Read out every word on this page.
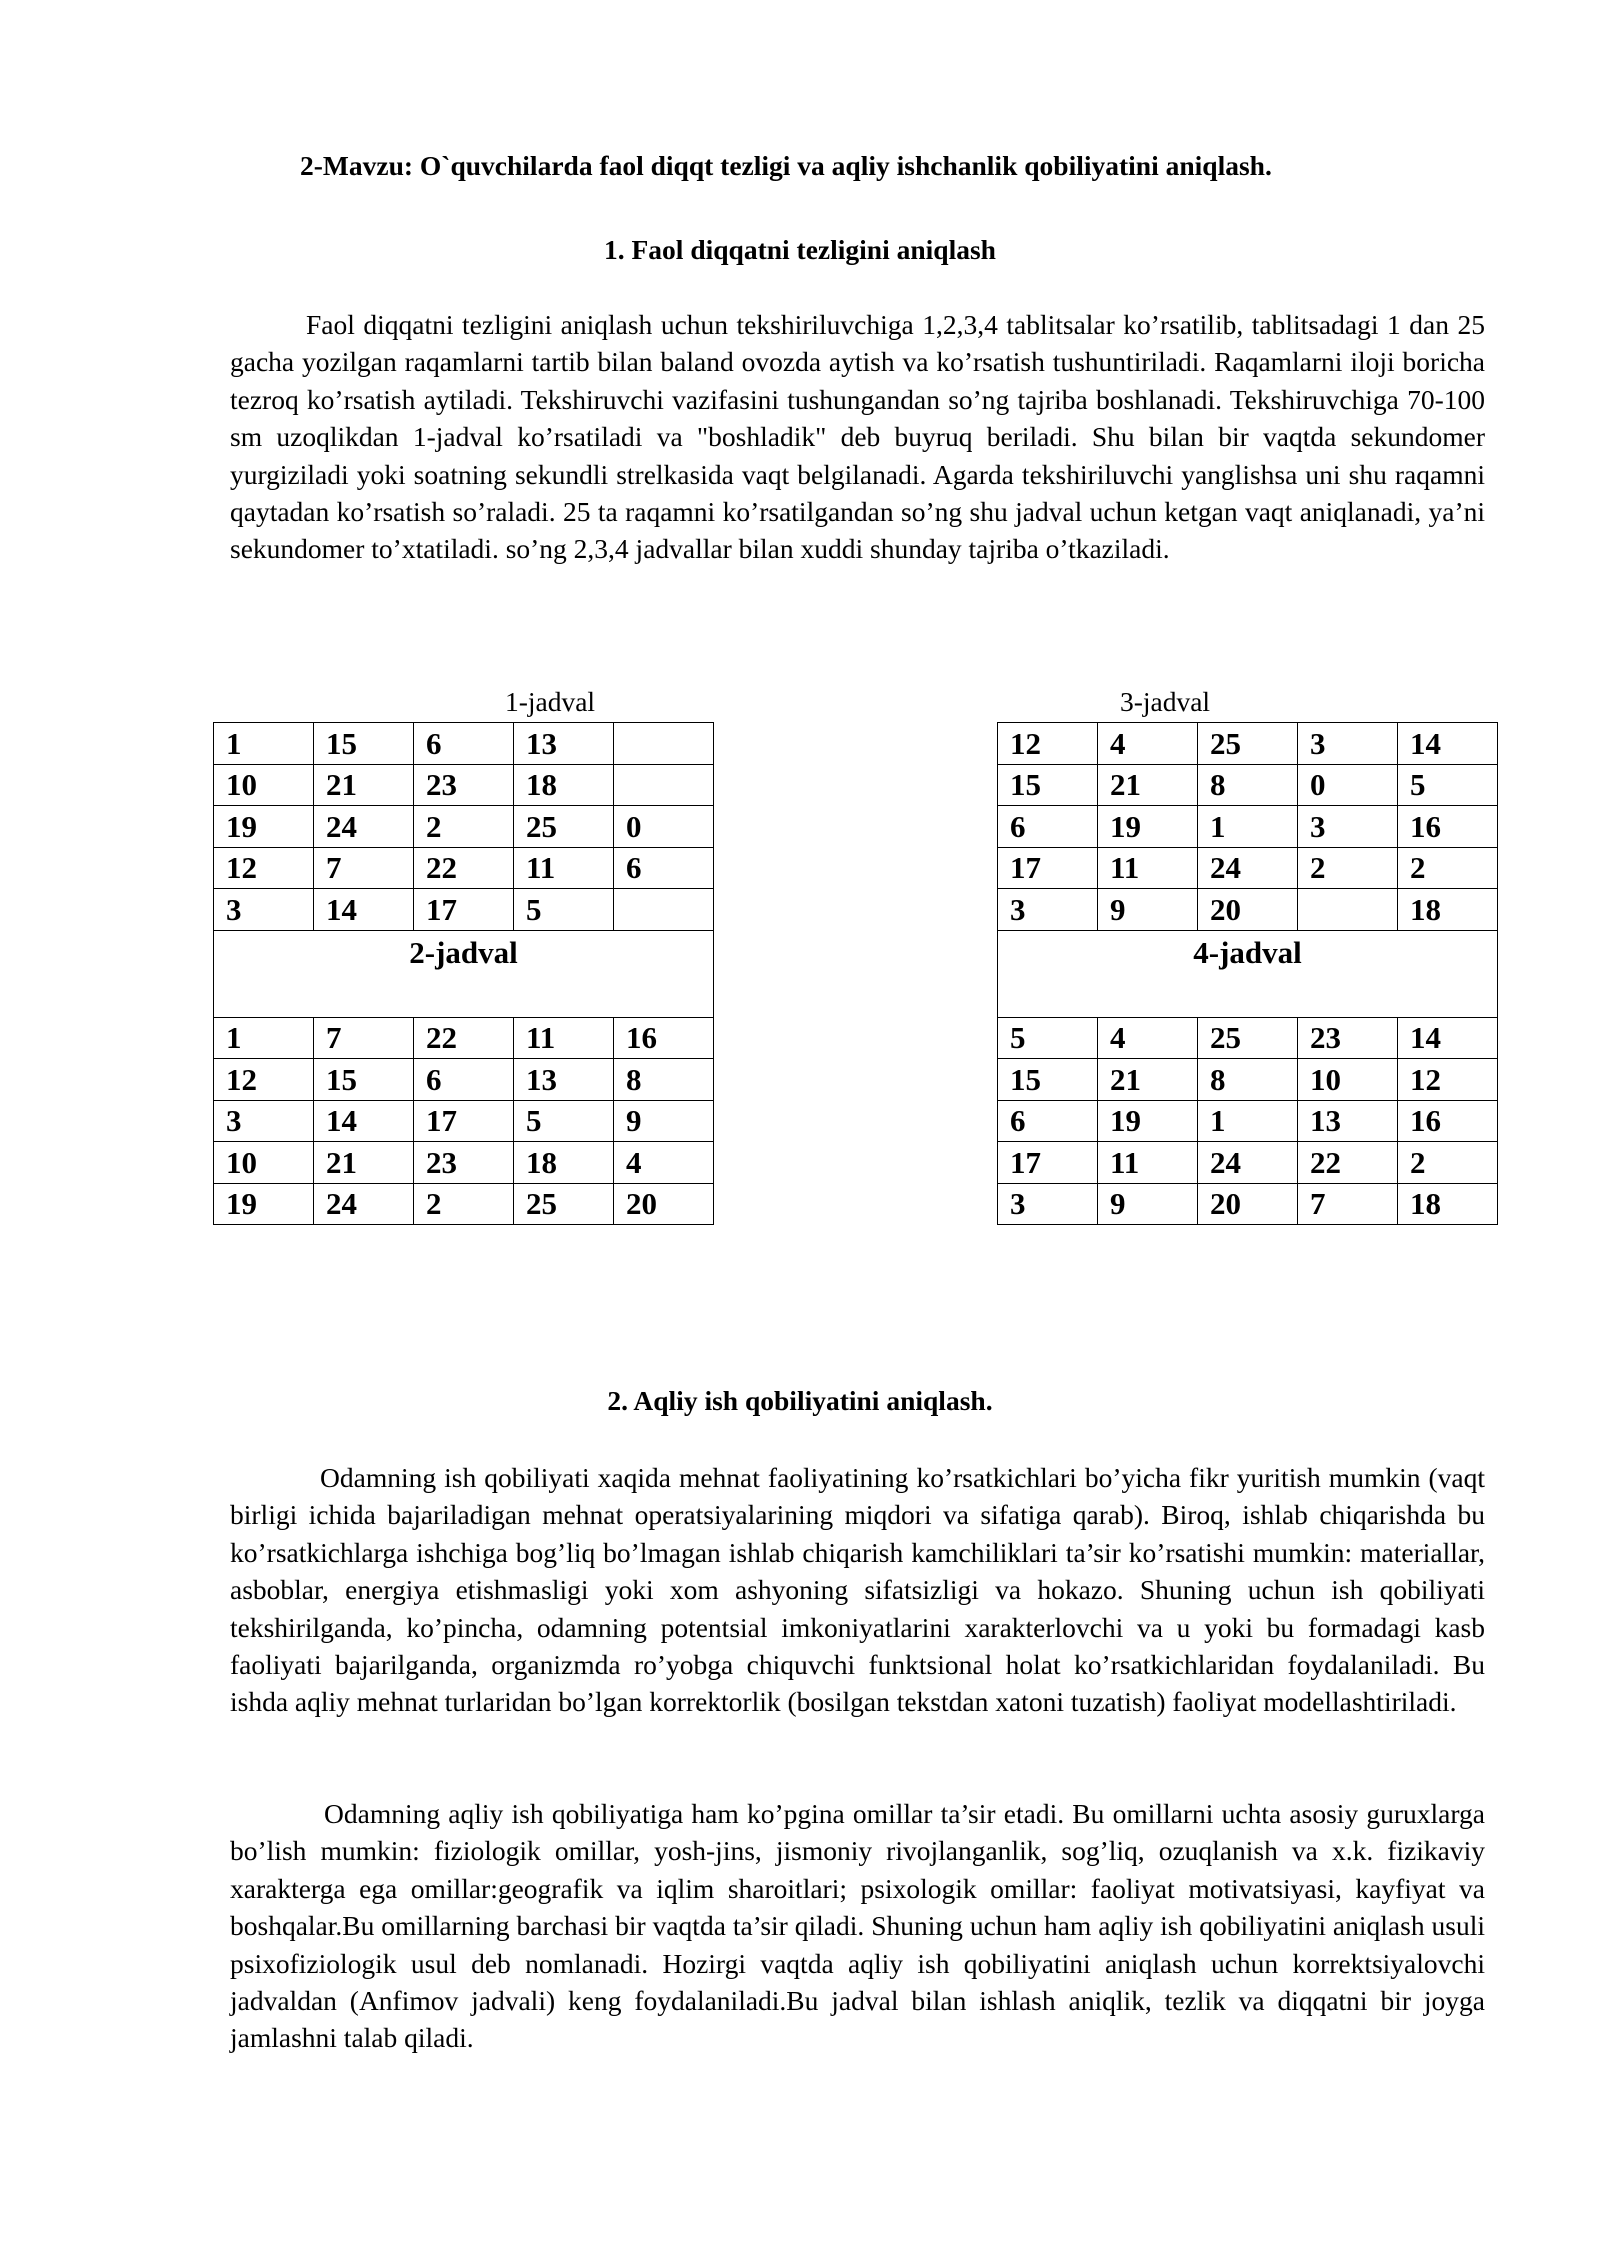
2-Mavzu: O`quvchilarda faol diqqt tezligi va aqliy ishchanlik qobiliyatini aniqlash.
1. Faol diqqatni tezligini aniqlash

Faol diqqatni tezligini aniqlash uchun tekshiriluvchiga 1,2,3,4 tablitsalar ko’rsatilib, tablitsadagi 1 dan 25 gacha yozilgan raqamlarni tartib bilan baland ovozda aytish va ko’rsatish tushuntiriladi. Raqamlarni iloji boricha tezroq ko’rsatish aytiladi. Tekshiruvchi vazifasini tushungandan so’ng tajriba boshlanadi. Tekshiruvchiga 70-100 sm uzoqlikdan 1-jadval ko’rsatiladi va "boshladik" deb buyruq beriladi. Shu bilan bir vaqtda sekundomer yurgiziladi yoki soatning sekundli strelkasida vaqt belgilanadi. Agarda tekshiriluvchi yanglishsa uni shu raqamni qaytadan ko’rsatish so’raladi. 25 ta raqamni ko’rsatilgandan so’ng shu jadval uchun ketgan vaqt aniqlanadi, ya’ni sekundomer to’xtatiladi. so’ng 2,3,4 jadvallar bilan xuddi shunday tajriba o’tkaziladi.

1-jadval
1	15	6	13	
10	21	23	18	
19	24	2	25	0
12	7	22	11	6
3	14	17	5	
2-jadval				
1	7	22	11	16
12	15	6	13	8
3	14	17	5	9
10	21	23	18	4
19	24	2	25	20
3-jadval
12	4	25	3	14
15	21	8	0	5
6	19	1	3	16
17	11	24	2	2
3	9	20		18
4-jadval				
5	4	25	23	14
15	21	8	10	12
6	19	1	13	16
17	11	24	22	2
3	9	20	7	18
2. Aqliy ish qobiliyatini aniqlash.

Odamning ish qobiliyati xaqida mehnat faoliyatining ko’rsatkichlari bo’yicha fikr yuritish mumkin (vaqt birligi ichida bajariladigan mehnat operatsiyalarining miqdori va sifatiga qarab). Biroq, ishlab chiqarishda bu ko’rsatkichlarga ishchiga bog’liq bo’lmagan ishlab chiqarish kamchiliklari ta’sir ko’rsatishi mumkin: materiallar, asboblar, energiya etishmasligi yoki xom ashyoning sifatsizligi va hokazo. Shuning uchun ish qobiliyati tekshirilganda, ko’pincha, odamning potentsial imkoniyatlarini xarakterlovchi va u yoki bu formadagi kasb faoliyati bajarilganda, organizmda ro’yobga chiquvchi funktsional holat ko’rsatkichlaridan foydalaniladi. Bu ishda aqliy mehnat turlaridan bo’lgan korrektorlik (bosilgan tekstdan xatoni tuzatish) faoliyat modellashtiriladi.

Odamning aqliy ish qobiliyatiga ham ko’pgina omillar ta’sir etadi. Bu omillarni uchta asosiy guruxlarga bo’lish mumkin: fiziologik omillar, yosh-jins, jismoniy rivojlanganlik, sog’liq, ozuqlanish va x.k. fizikaviy xarakterga ega omillar:geografik va iqlim sharoitlari; psixologik omillar: faoliyat motivatsiyasi, kayfiyat va boshqalar.Bu omillarning barchasi bir vaqtda ta’sir qiladi. Shuning uchun ham aqliy ish qobiliyatini aniqlash usuli psixofiziologik usul deb nomlanadi. Hozirgi vaqtda aqliy ish qobiliyatini aniqlash uchun korrektsiyalovchi jadvaldan (Anfimov jadvali) keng foydalaniladi.Bu jadval bilan ishlash aniqlik, tezlik va diqqatni bir joyga jamlashni talab qiladi.
